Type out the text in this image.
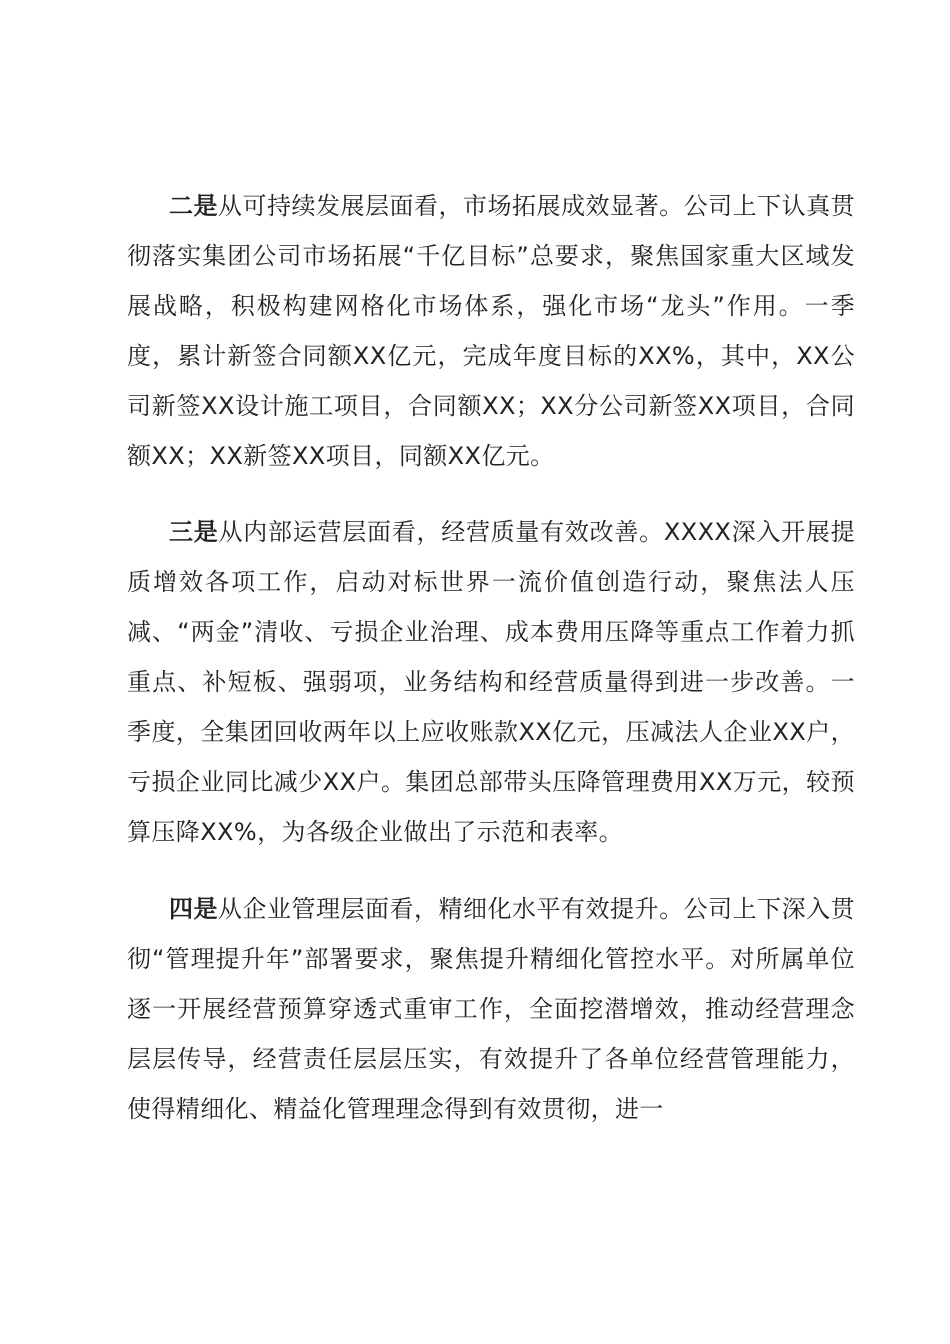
二是从可持续发展层面看，市场拓展成效显著。公司上下认真贯彻落实集团公司市场拓展“千亿目标”总要求，聚焦国家重大区域发展战略，积极构建网格化市场体系，强化市场“龙头”作用。一季度，累计新签合同额XX亿元，完成年度目标的XX%，其中，XX公司新签XX设计施工项目，合同额XX；XX分公司新签XX项目，合同额XX；XX新签XX项目，同额XX亿元。

三是从内部运营层面看，经营质量有效改善。XXXX深入开展提质增效各项工作，启动对标世界一流价值创造行动，聚焦法人压减、“两金”清收、亏损企业治理、成本费用压降等重点工作着力抓重点、补短板、强弱项，业务结构和经营质量得到进一步改善。一季度，全集团回收两年以上应收账款XX亿元，压减法人企业XX户，亏损企业同比减少XX户。集团总部带头压降管理费用XX万元，较预算压降XX%，为各级企业做出了示范和表率。

四是从企业管理层面看，精细化水平有效提升。公司上下深入贯彻“管理提升年”部署要求，聚焦提升精细化管控水平。对所属单位逐一开展经营预算穿透式重审工作，全面挖潜增效，推动经营理念层层传导，经营责任层层压实，有效提升了各单位经营管理能力，使得精细化、精益化管理理念得到有效贯彻，进一
